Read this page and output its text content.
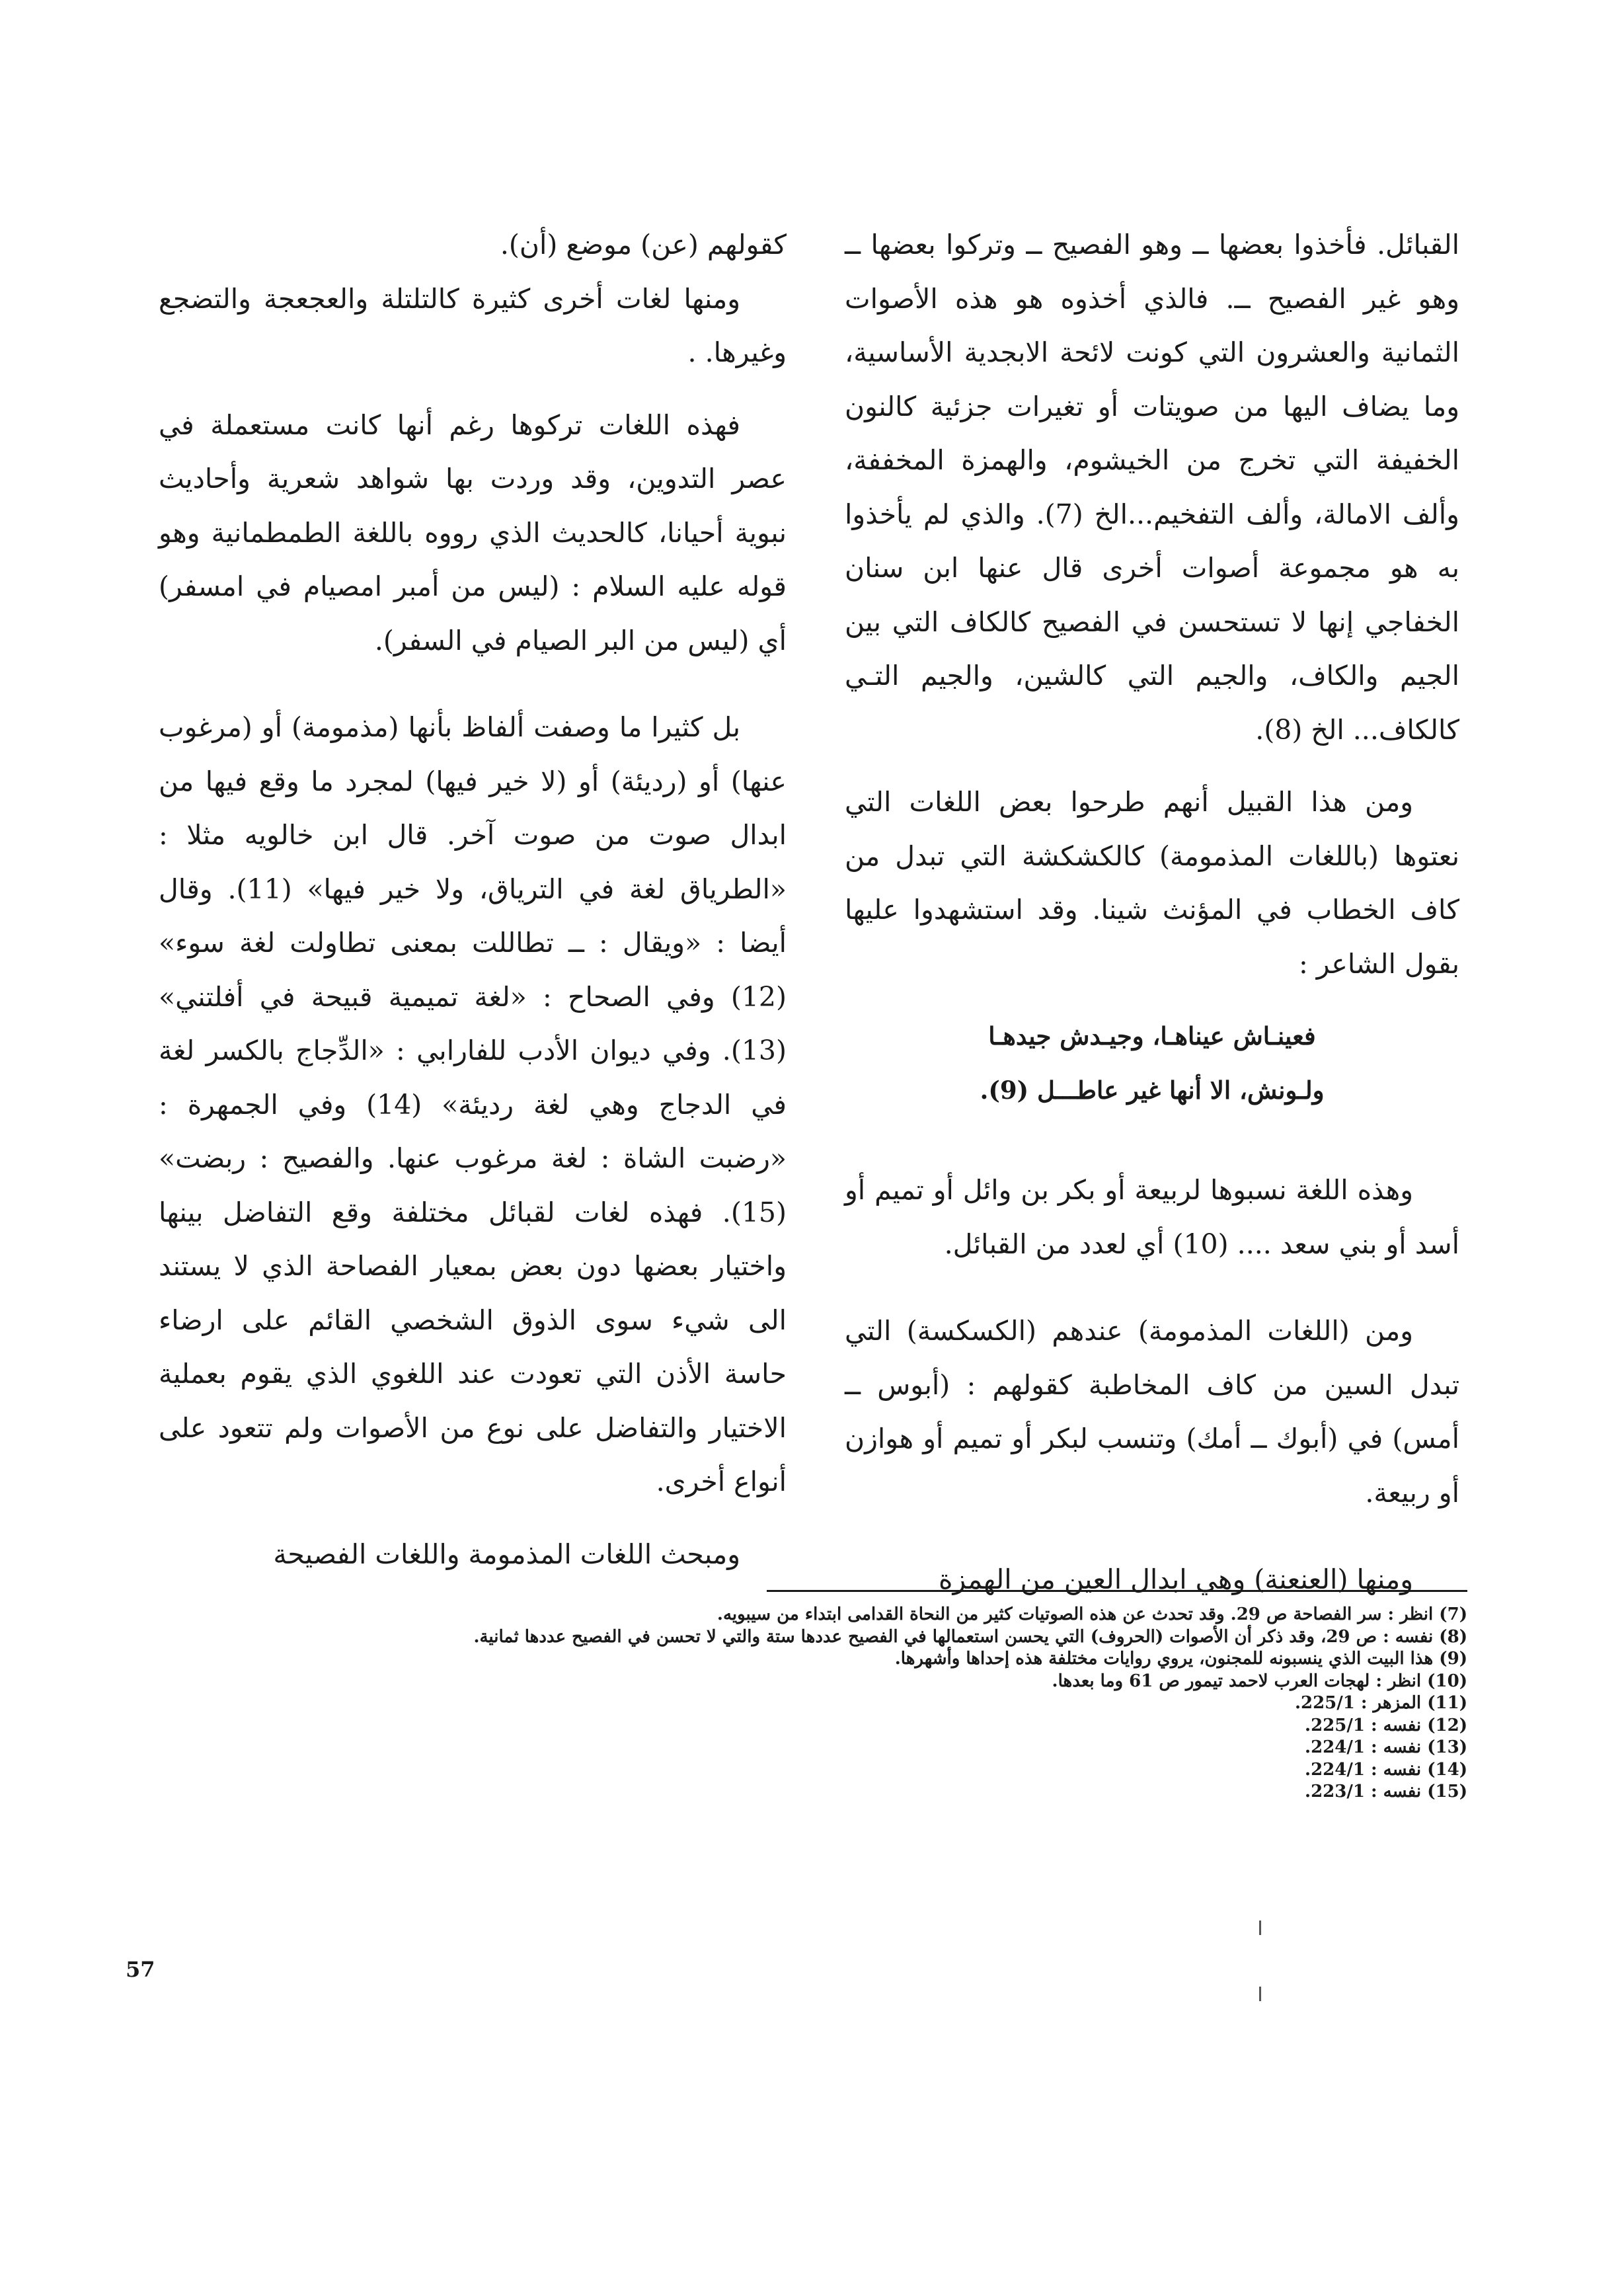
القبائل. فأخذوا بعضها ــ وهو الفصيح ــ وتركوا بعضها ــ وهو غير الفصيح ــ. فالذي أخذوه هو هذه الأصوات الثمانية والعشرون التي كونت لائحة الابجدية الأساسية، وما يضاف اليها من صويتات أو تغيرات جزئية كالنون الخفيفة التي تخرج من الخيشوم، والهمزة المخففة، وألف الامالة، وألف التفخيم...الخ (7). والذي لم يأخذوا به هو مجموعة أصوات أخرى قال عنها ابن سنان الخفاجي إنها لا تستحسن في الفصيح كالكاف التي بين الجيم والكاف، والجيم التي كالشين، والجيم التـي كالكاف... الخ (8).

ومن هذا القبيل أنهم طرحوا بعض اللغات التي نعتوها (باللغات المذمومة) كالكشكشة التي تبدل من كاف الخطاب في المؤنث شينا. وقد استشهدوا عليها بقول الشاعر :

فعينـاش عيناهـا، وجيـدش جيدهـا
ولـونش، الا أنها غير عاطـــل (9).

وهذه اللغة نسبوها لربيعة أو بكر بن وائل أو تميم أو أسد أو بني سعد .... (10) أي لعدد من القبائل.

ومن (اللغات المذمومة) عندهم (الكسكسة) التي تبدل السين من كاف المخاطبة كقولهم : (أبوس ــ أمس) في (أبوك ــ أمك) وتنسب لبكر أو تميم أو هوازن أو ربيعة.

ومنها (العنعنة) وهي ابدال العين من الهمزة

كقولهم (عن) موضع (أن).

ومنها لغات أخرى كثيرة كالتلتلة والعجعجة والتضجع وغيرها. .

فهذه اللغات تركوها رغم أنها كانت مستعملة في عصر التدوين، وقد وردت بها شواهد شعرية وأحاديث نبوية أحيانا، كالحديث الذي رووه باللغة الطمطمانية وهو قوله عليه السلام : (ليس من أمبر امصيام في امسفر) أي (ليس من البر الصيام في السفر).

بل كثيرا ما وصفت ألفاظ بأنها (مذمومة) أو (مرغوب عنها) أو (رديئة) أو (لا خير فيها) لمجرد ما وقع فيها من ابدال صوت من صوت آخر. قال ابن خالويه مثلا : «الطرياق لغة في الترياق، ولا خير فيها» (11). وقال أيضا : «ويقال : ــ تطاللت بمعنى تطاولت لغة سوء» (12) وفي الصحاح : «لغة تميمية قبيحة في أفلتني» (13). وفي ديوان الأدب للفارابي : «الدِّجاج بالكسر لغة في الدجاج وهي لغة رديئة» (14) وفي الجمهرة : «رضبت الشاة : لغة مرغوب عنها. والفصيح : ربضت» (15). فهذه لغات لقبائل مختلفة وقع التفاضل بينها واختيار بعضها دون بعض بمعيار الفصاحة الذي لا يستند الى شيء سوى الذوق الشخصي القائم على ارضاء حاسة الأذن التي تعودت عند اللغوي الذي يقوم بعملية الاختيار والتفاضل على نوع من الأصوات ولم تتعود على أنواع أخرى.

ومبحث اللغات المذمومة واللغات الفصيحة

(7) انظر : سر الفصاحة ص 29. وقد تحدث عن هذه الصوتيات كثير من النحاة القدامى ابتداء من سيبويه.
(8) نفسه : ص 29، وقد ذكر أن الأصوات (الحروف) التي يحسن استعمالها في الفصيح عددها ستة والتي لا تحسن في الفصيح عددها ثمانية.
(9) هذا البيت الذي ينسبونه للمجنون، يروي روايات مختلفة هذه إحداها وأشهرها.
(10) انظر : لهجات العرب لاحمد تيمور ص 61 وما بعدها.
(11) المزهر : 225/1.
(12) نفسه : 225/1.
(13) نفسه : 224/1.
(14) نفسه : 224/1.
(15) نفسه : 223/1.
57
